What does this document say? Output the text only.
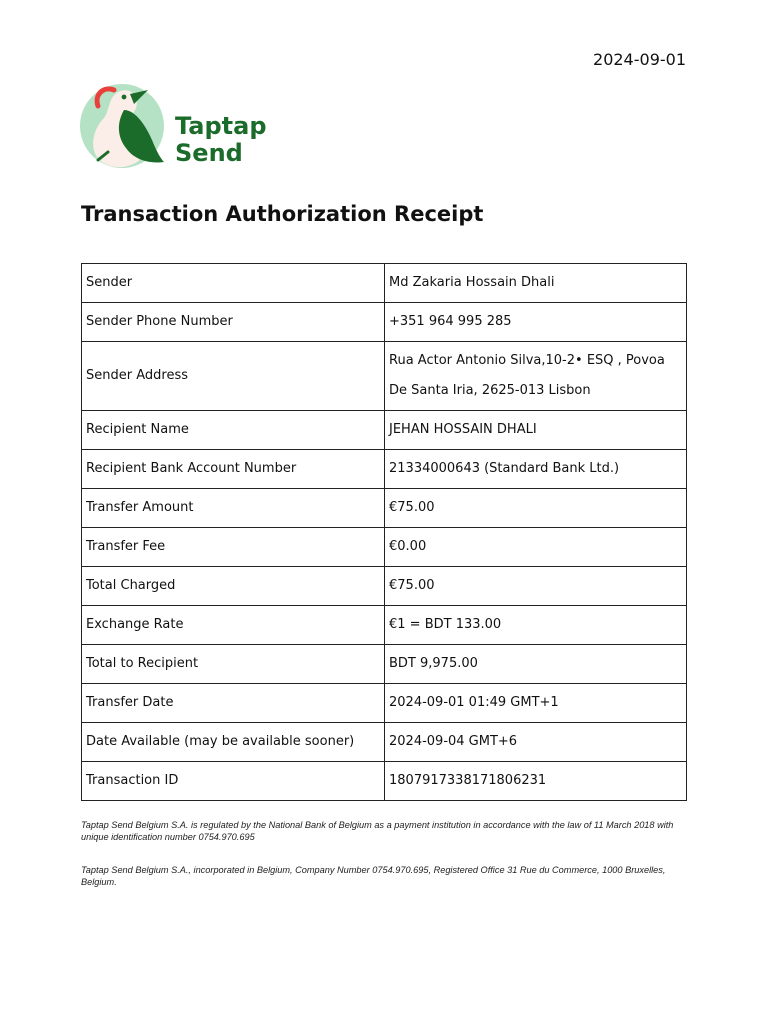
2024-09-01
Taptap
Send
Transaction Authorization Receipt
Sender	Md Zakaria Hossain Dhali
Sender Phone Number	+351 964 995 285
Sender Address	Rua Actor Antonio Silva,10-2• ESQ , Povoa De Santa Iria, 2625-013 Lisbon
Recipient Name	JEHAN HOSSAIN DHALI
Recipient Bank Account Number	21334000643 (Standard Bank Ltd.)
Transfer Amount	€75.00
Transfer Fee	€0.00
Total Charged	€75.00
Exchange Rate	€1 = BDT 133.00
Total to Recipient	BDT 9,975.00
Transfer Date	2024-09-01 01:49 GMT+1
Date Available (may be available sooner)	2024-09-04 GMT+6
Transaction ID	1807917338171806231

Taptap Send Belgium S.A. is regulated by the National Bank of Belgium as a payment institution in accordance with the law of 11 March 2018 with unique identification number 0754.970.695

Taptap Send Belgium S.A., incorporated in Belgium, Company Number 0754.970.695, Registered Office 31 Rue du Commerce, 1000 Bruxelles, Belgium.
